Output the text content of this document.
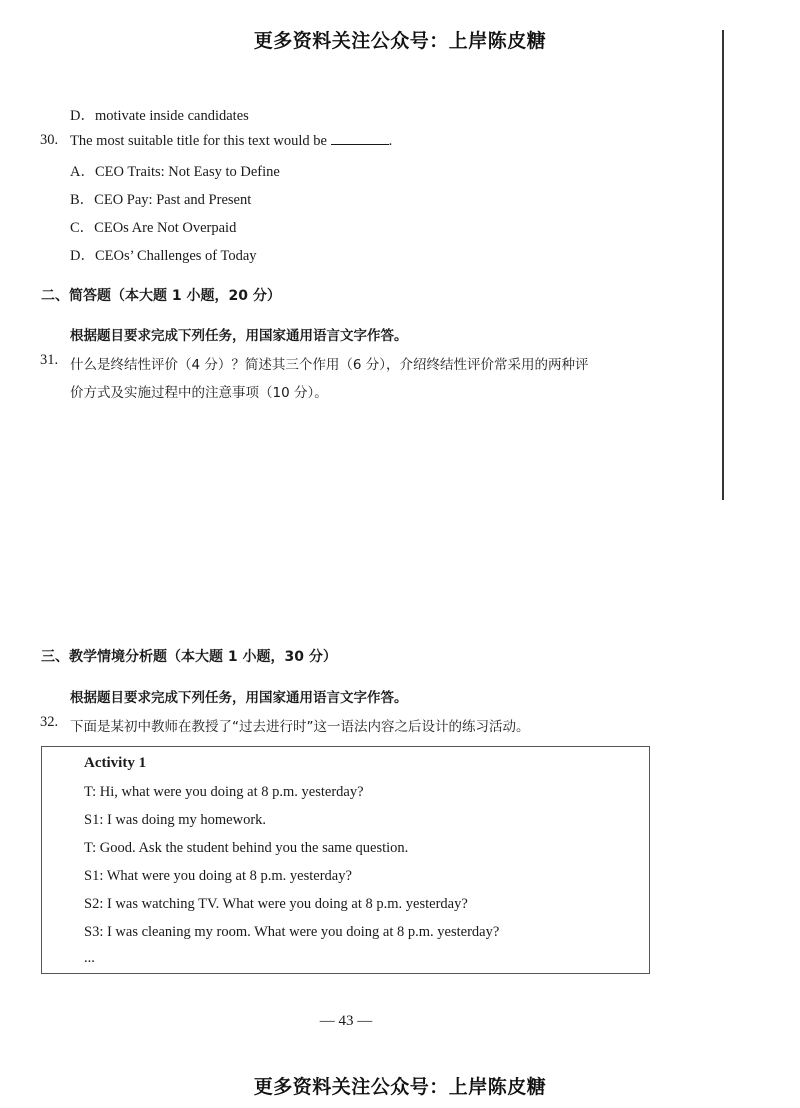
更多资料关注公众号：上岸陈皮糖
D．motivate inside candidates
30. The most suitable title for this text would be	.
A．CEO Traits: Not Easy to Define
B．CEO Pay: Past and Present
C．CEOs Are Not Overpaid
D．CEOs’ Challenges of Today
二、简答题（本大题 1 小题，20 分）
根据题目要求完成下列任务，用国家通用语言文字作答。
31. 什么是终结性评价（4 分）？简述其三个作用（6 分），介绍终结性评价常采用的两种评
价方式及实施过程中的注意事项（10 分）。
三、教学情境分析题（本大题 1 小题，30 分）
根据题目要求完成下列任务，用国家通用语言文字作答。
32. 下面是某初中教师在教授了“过去进行时”这一语法内容之后设计的练习活动。
Activity 1
T: Hi, what were you doing at 8 p.m. yesterday?
S1: I was doing my homework.
T: Good. Ask the student behind you the same question.
S1: What were you doing at 8 p.m. yesterday?
S2: I was watching TV. What were you doing at 8 p.m. yesterday?
S3: I was cleaning my room. What were you doing at 8 p.m. yesterday?
...
— 43 —
更多资料关注公众号：上岸陈皮糖
